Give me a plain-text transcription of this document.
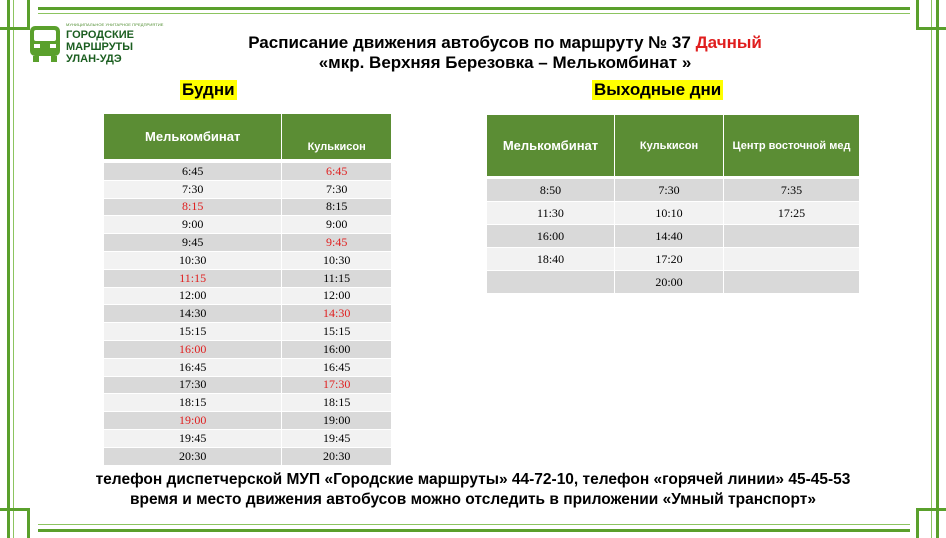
МУНИЦИПАЛЬНОЕ УНИТАРНОЕ ПРЕДПРИЯТИЕ
ГОРОДСКИЕ
МАРШРУТЫ
УЛАН-УДЭ
Расписание движения автобусов по маршруту № 37 Дачный
«мкр. Верхняя Березовка – Мелькомбинат »
Будни	Выходные дни
Мелькомбинат	Кулькисон

6:45	6:45
7:30	7:30
8:15	8:15
9:00	9:00
9:45	9:45
10:30	10:30
11:15	11:15
12:00	12:00
14:30	14:30
15:15	15:15
16:00	16:00
16:45	16:45
17:30	17:30
18:15	18:15
19:00	19:00
19:45	19:45
20:30	20:30
Мелькомбинат	Кулькисон	Центр восточной мед

8:50	7:30	7:35
11:30	10:10	17:25
16:00	14:40	
18:40	17:20	
	20:00	
телефон диспетчерской МУП «Городские маршруты» 44-72-10, телефон «горячей линии» 45-45-53
время и место движения автобусов можно отследить в приложении «Умный транспорт»
